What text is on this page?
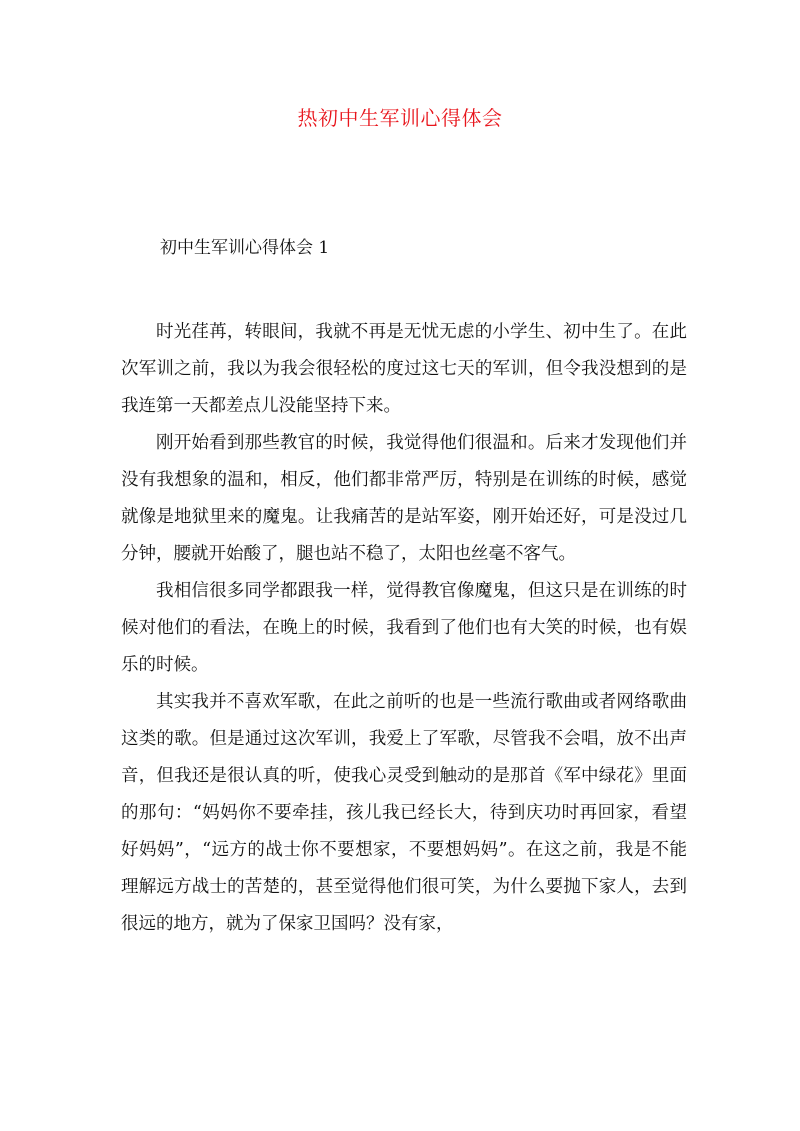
热初中生军训心得体会
初中生军训心得体会 1

时光荏苒，转眼间，我就不再是无忧无虑的小学生、初中生了。在此次军训之前，我以为我会很轻松的度过这七天的军训，但令我没想到的是我连第一天都差点儿没能坚持下来。

刚开始看到那些教官的时候，我觉得他们很温和。后来才发现他们并没有我想象的温和，相反，他们都非常严厉，特别是在训练的时候，感觉就像是地狱里来的魔鬼。让我痛苦的是站军姿，刚开始还好，可是没过几分钟，腰就开始酸了，腿也站不稳了，太阳也丝毫不客气。

我相信很多同学都跟我一样，觉得教官像魔鬼，但这只是在训练的时候对他们的看法，在晚上的时候，我看到了他们也有大笑的时候，也有娱乐的时候。

其实我并不喜欢军歌，在此之前听的也是一些流行歌曲或者网络歌曲这类的歌。但是通过这次军训，我爱上了军歌，尽管我不会唱，放不出声音，但我还是很认真的听，使我心灵受到触动的是那首《军中绿花》里面的那句：“妈妈你不要牵挂，孩儿我已经长大，待到庆功时再回家，看望好妈妈”，“远方的战士你不要想家，不要想妈妈”。在这之前，我是不能理解远方战士的苦楚的，甚至觉得他们很可笑，为什么要抛下家人，去到很远的地方，就为了保家卫国吗？没有家，
